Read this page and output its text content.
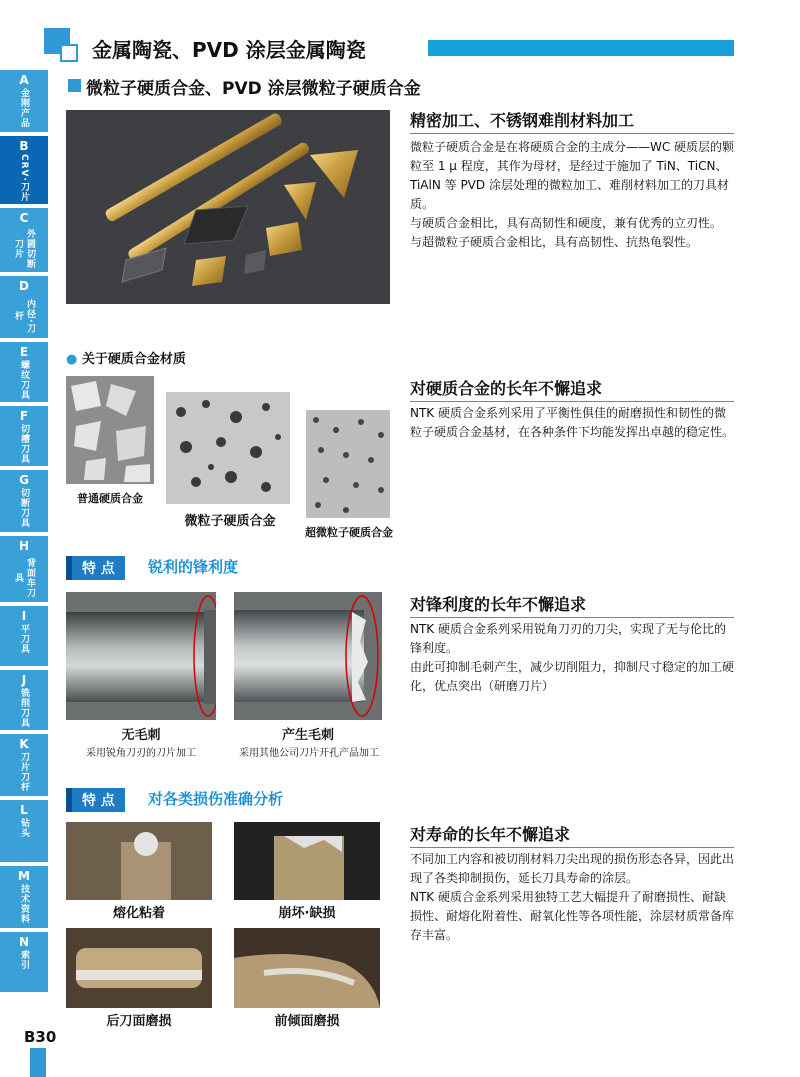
金属陶瓷、PVD 涂层金属陶瓷
微粒子硬质合金、PVD 涂层微粒子硬质合金
A
金刚产品
B
CRV·刀片
C
外圆切断刀片
D
内径·刀杆
E
螺纹刀具
F
切槽刀具
G
切断刀具
H
背面车刀具
I
平刀具
J
铣削刀具
K
刀片刀杆
L
钻头
M
技术资料
N
索引
精密加工、不锈钢难削材料加工
微粒子硬质合金是在将硬质合金的主成分——WC 硬质层的颗粒至 1 μ 程度，其作为母材，是经过于施加了 TiN、TiCN、TiAlN 等 PVD 涂层处理的微粒加工、难削材料加工的刀具材质。
与硬质合金相比，具有高韧性和硬度，兼有优秀的立刃性。
与超微粒子硬质合金相比，具有高韧性、抗热龟裂性。
● 关于硬质合金材质
普通硬质合金
微粒子硬质合金
超微粒子硬质合金
对硬质合金的长年不懈追求
NTK 硬质合金系列采用了平衡性俱佳的耐磨损性和韧性的微粒子硬质合金基材，在各种条件下均能发挥出卓越的稳定性。
特 点	锐利的锋利度
无毛刺
采用锐角刀刃的刀片加工
产生毛刺
采用其他公司刀片开孔产品加工
对锋利度的长年不懈追求
NTK 硬质合金系列采用锐角刀刃的刀尖，实现了无与伦比的锋利度。
由此可抑制毛刺产生，减少切削阻力，抑制尺寸稳定的加工硬化，优点突出（研磨刀片）
特 点	对各类损伤准确分析
熔化粘着	崩坏·缺损
后刀面磨损	前倾面磨损
对寿命的长年不懈追求
不同加工内容和被切削材料刀尖出现的损伤形态各异，因此出现了各类抑制损伤，延长刀具寿命的涂层。
NTK 硬质合金系列采用独特工艺大幅提升了耐磨损性、耐缺损性、耐熔化附着性、耐氧化性等各项性能，涂层材质常备库存丰富。
B30
